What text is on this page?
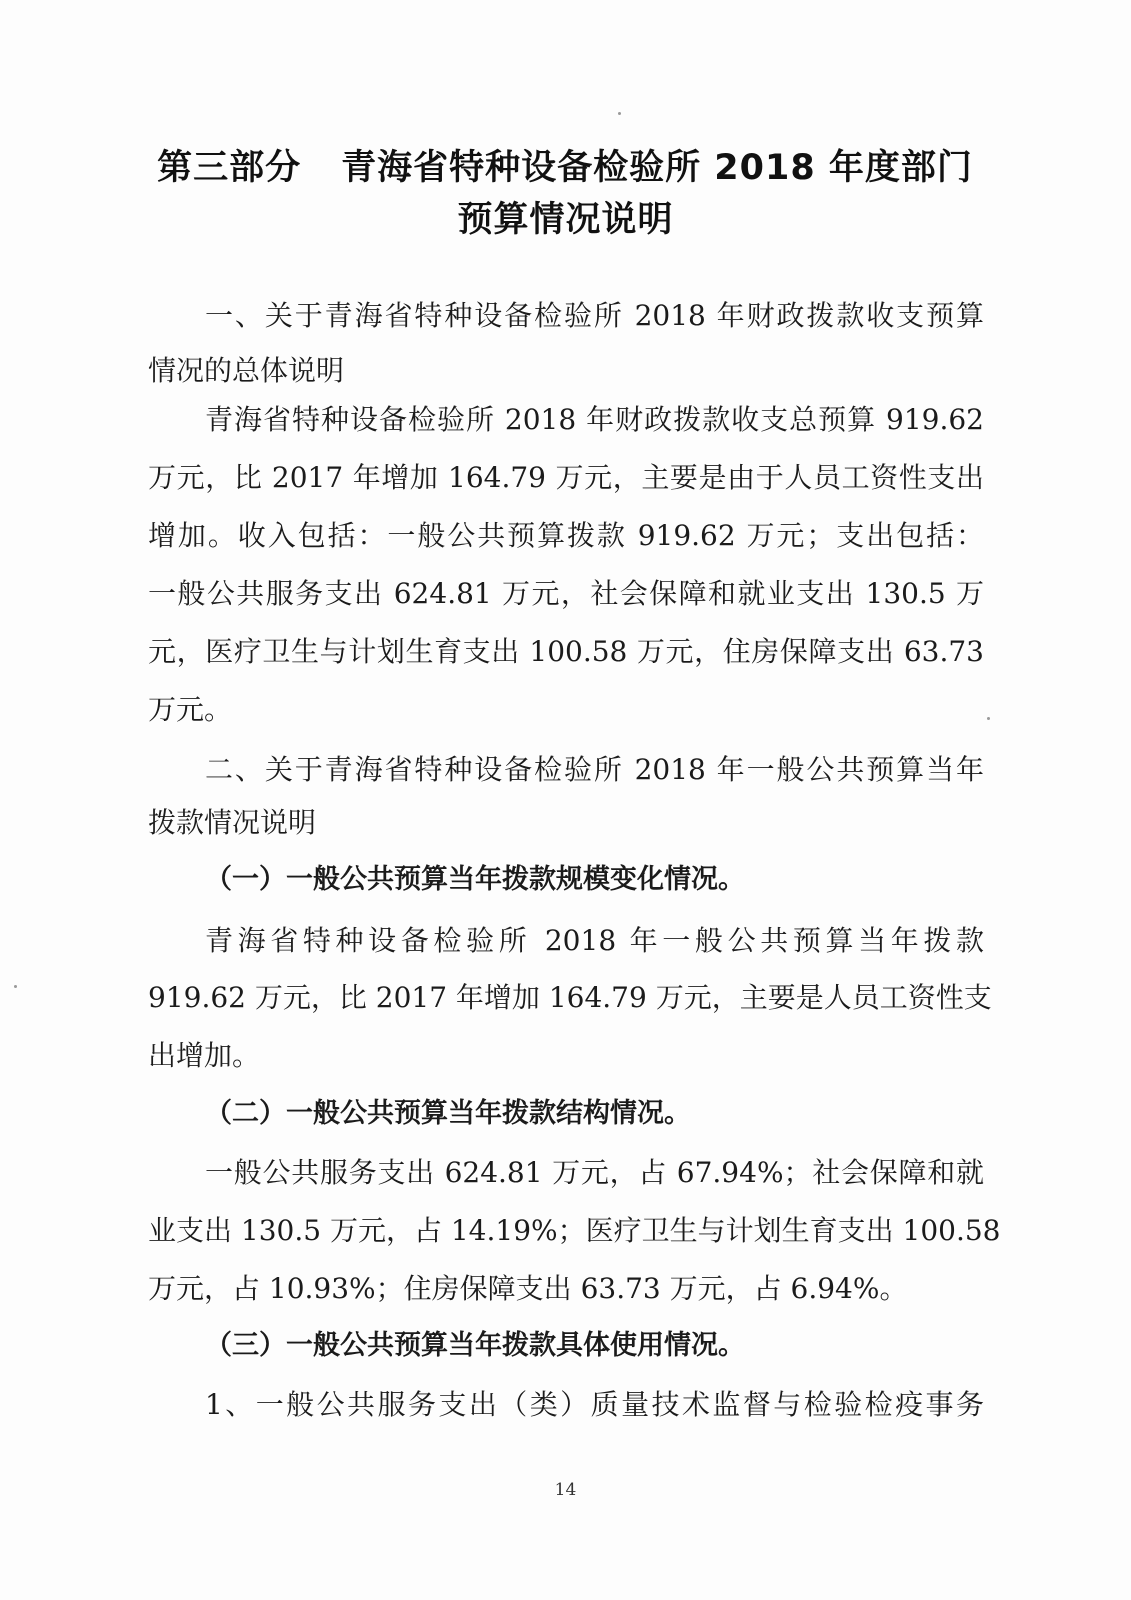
第三部分 青海省特种设备检验所 2018 年度部门
预算情况说明
一、关于青海省特种设备检验所 2018 年财政拨款收支预算
情况的总体说明
青海省特种设备检验所 2018 年财政拨款收支总预算 919.62
万元，比 2017 年增加 164.79 万元，主要是由于人员工资性支出
增加。收入包括：一般公共预算拨款 919.62 万元；支出包括：
一般公共服务支出 624.81 万元，社会保障和就业支出 130.5 万
元，医疗卫生与计划生育支出 100.58 万元，住房保障支出 63.73
万元。
二、关于青海省特种设备检验所 2018 年一般公共预算当年
拨款情况说明
（一）一般公共预算当年拨款规模变化情况。
青海省特种设备检验所 2018 年一般公共预算当年拨款
919.62 万元，比 2017 年增加 164.79 万元，主要是人员工资性支
出增加。
（二）一般公共预算当年拨款结构情况。
一般公共服务支出 624.81 万元，占 67.94%；社会保障和就
业支出 130.5 万元，占 14.19%；医疗卫生与计划生育支出 100.58
万元，占 10.93%；住房保障支出 63.73 万元，占 6.94%。
（三）一般公共预算当年拨款具体使用情况。
1、一般公共服务支出（类）质量技术监督与检验检疫事务
14
